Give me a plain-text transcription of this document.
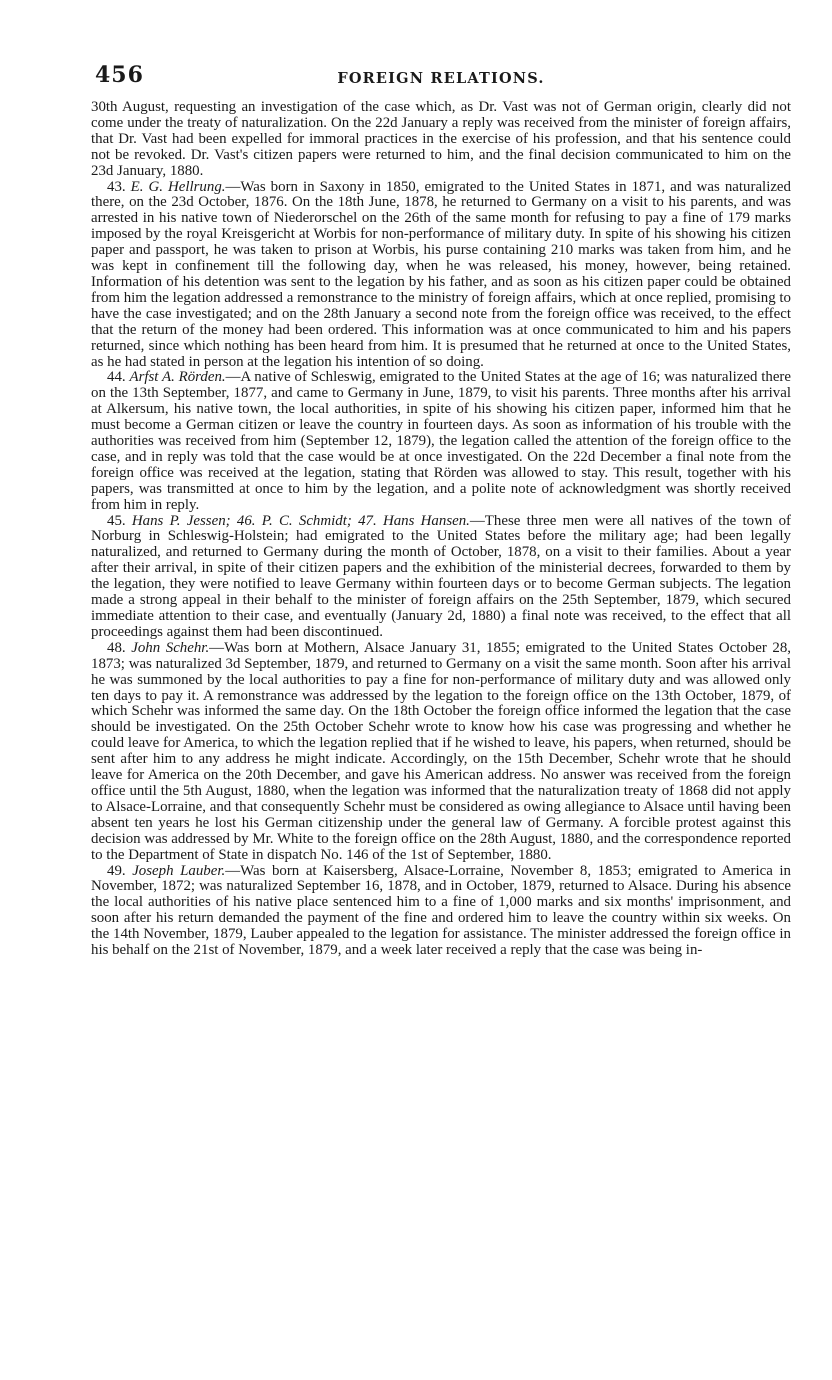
456	FOREIGN RELATIONS.

30th August, requesting an investigation of the case which, as Dr. Vast was not of German origin, clearly did not come under the treaty of naturalization. On the 22d January a reply was received from the minister of foreign affairs, that Dr. Vast had been expelled for immoral practices in the exercise of his profession, and that his sentence could not be revoked. Dr. Vast's citizen papers were returned to him, and the final decision communicated to him on the 23d January, 1880.

43. E. G. Hellrung.—Was born in Saxony in 1850, emigrated to the United States in 1871, and was naturalized there, on the 23d October, 1876. On the 18th June, 1878, he returned to Germany on a visit to his parents, and was arrested in his native town of Niederorschel on the 26th of the same month for refusing to pay a fine of 179 marks imposed by the royal Kreisgericht at Worbis for non-performance of military duty. In spite of his showing his citizen paper and passport, he was taken to prison at Worbis, his purse containing 210 marks was taken from him, and he was kept in confinement till the following day, when he was released, his money, however, being retained. Information of his detention was sent to the legation by his father, and as soon as his citizen paper could be obtained from him the legation addressed a remonstrance to the ministry of foreign affairs, which at once replied, promising to have the case investigated; and on the 28th January a second note from the foreign office was received, to the effect that the return of the money had been ordered. This information was at once communicated to him and his papers returned, since which nothing has been heard from him. It is presumed that he returned at once to the United States, as he had stated in person at the legation his intention of so doing.

44. Arfst A. Rörden.—A native of Schleswig, emigrated to the United States at the age of 16; was naturalized there on the 13th September, 1877, and came to Germany in June, 1879, to visit his parents. Three months after his arrival at Alkersum, his native town, the local authorities, in spite of his showing his citizen paper, informed him that he must become a German citizen or leave the country in fourteen days. As soon as information of his trouble with the authorities was received from him (September 12, 1879), the legation called the attention of the foreign office to the case, and in reply was told that the case would be at once investigated. On the 22d December a final note from the foreign office was received at the legation, stating that Rörden was allowed to stay. This result, together with his papers, was transmitted at once to him by the legation, and a polite note of acknowledgment was shortly received from him in reply.

45. Hans P. Jessen; 46. P. C. Schmidt; 47. Hans Hansen.—These three men were all natives of the town of Norburg in Schleswig-Holstein; had emigrated to the United States before the military age; had been legally naturalized, and returned to Germany during the month of October, 1878, on a visit to their families. About a year after their arrival, in spite of their citizen papers and the exhibition of the ministerial decrees, forwarded to them by the legation, they were notified to leave Germany within fourteen days or to become German subjects. The legation made a strong appeal in their behalf to the minister of foreign affairs on the 25th September, 1879, which secured immediate attention to their case, and eventually (January 2d, 1880) a final note was received, to the effect that all proceedings against them had been discontinued.

48. John Schehr.—Was born at Mothern, Alsace January 31, 1855; emigrated to the United States October 28, 1873; was naturalized 3d September, 1879, and returned to Germany on a visit the same month. Soon after his arrival he was summoned by the local authorities to pay a fine for non-performance of military duty and was allowed only ten days to pay it. A remonstrance was addressed by the legation to the foreign office on the 13th October, 1879, of which Schehr was informed the same day. On the 18th October the foreign office informed the legation that the case should be investigated. On the 25th October Schehr wrote to know how his case was progressing and whether he could leave for America, to which the legation replied that if he wished to leave, his papers, when returned, should be sent after him to any address he might indicate. Accordingly, on the 15th December, Schehr wrote that he should leave for America on the 20th December, and gave his American address. No answer was received from the foreign office until the 5th August, 1880, when the legation was informed that the naturalization treaty of 1868 did not apply to Alsace-Lorraine, and that consequently Schehr must be considered as owing allegiance to Alsace until having been absent ten years he lost his German citizenship under the general law of Germany. A forcible protest against this decision was addressed by Mr. White to the foreign office on the 28th August, 1880, and the correspondence reported to the Department of State in dispatch No. 146 of the 1st of September, 1880.

49. Joseph Lauber.—Was born at Kaisersberg, Alsace-Lorraine, November 8, 1853; emigrated to America in November, 1872; was naturalized September 16, 1878, and in October, 1879, returned to Alsace. During his absence the local authorities of his native place sentenced him to a fine of 1,000 marks and six months' imprisonment, and soon after his return demanded the payment of the fine and ordered him to leave the country within six weeks. On the 14th November, 1879, Lauber appealed to the legation for assistance. The minister addressed the foreign office in his behalf on the 21st of November, 1879, and a week later received a reply that the case was being in-
